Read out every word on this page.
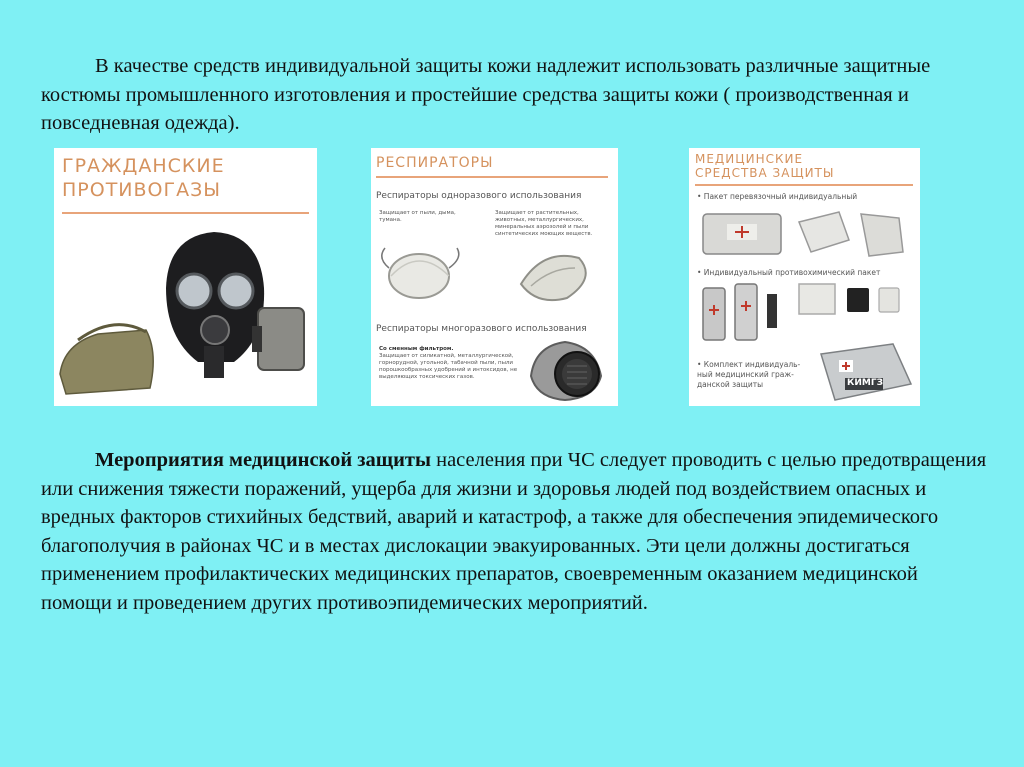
В качестве средств индивидуальной защиты кожи надлежит использовать различные защитные костюмы промышленного изготовления и простейшие средства защиты кожи ( производственная и повседневная одежда).

ГРАЖДАНСКИЕ
ПРОТИВОГАЗЫ
РЕСПИРАТОРЫ
Респираторы одноразового использования
Защищает от пыли, дыма, тумана.
Защищает от растительных, животных, металлургических, минеральных аэрозолей и пыли синтетических моющих веществ.
Респираторы многоразового использования
Со сменным фильтром.
Защищает от силикатной, металлургической, горнорудной, угольной, табачной пыли, пыли порошкообразных удобрений и интоксидов, не выделяющих токсических газов.
МЕДИЦИНСКИЕ
СРЕДСТВА ЗАЩИТЫ
• Пакет перевязочный индивидуальный
• Индивидуальный противохимический пакет
• Комплект индивидуаль-
ный медицинский граж-
данской защиты	КИМГЗ

Мероприятия медицинской защиты населения при ЧС следует проводить с целью предотвращения или снижения тяжести поражений, ущерба для жизни и здоровья людей под воздействием опасных и вредных факторов стихийных бедствий, аварий и катастроф, а также для обеспечения эпидемического благополучия в районах ЧС и в местах дислокации эвакуированных. Эти цели должны достигаться применением профилактических медицинских препаратов, своевременным оказанием медицинской помощи и проведением других противоэпидемических мероприятий.
